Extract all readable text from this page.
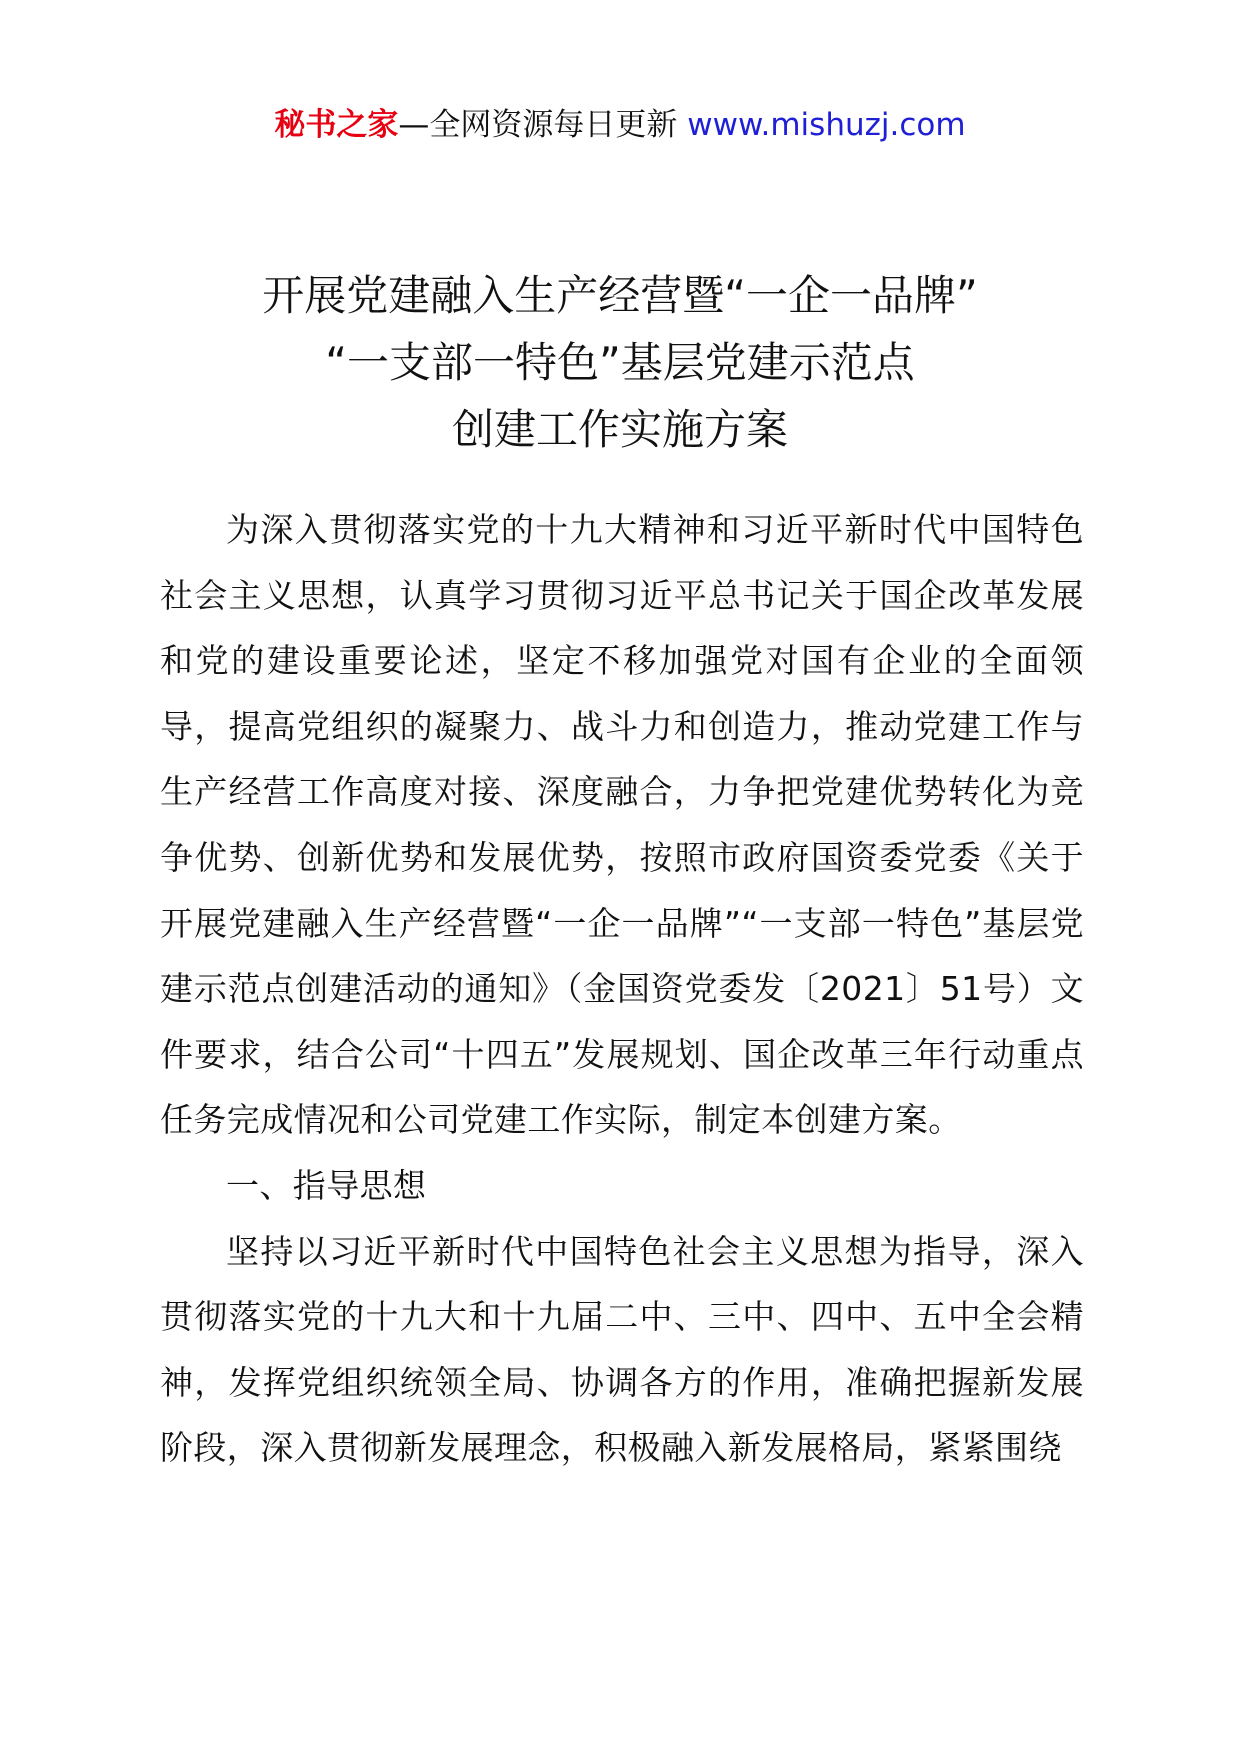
秘书之家—全网资源每日更新 www.mishuzj.com
开展党建融入生产经营暨“一企一品牌”
“一支部一特色”基层党建示范点
创建工作实施方案

为深入贯彻落实党的十九大精神和习近平新时代中国特色社会主义思想，认真学习贯彻习近平总书记关于国企改革发展和党的建设重要论述，坚定不移加强党对国有企业的全面领导，提高党组织的凝聚力、战斗力和创造力，推动党建工作与生产经营工作高度对接、深度融合，力争把党建优势转化为竞争优势、创新优势和发展优势，按照市政府国资委党委《关于开展党建融入生产经营暨“一企一品牌”“一支部一特色”基层党建示范点创建活动的通知》（金国资党委发〔2021〕51号）文件要求，结合公司“十四五”发展规划、国企改革三年行动重点任务完成情况和公司党建工作实际，制定本创建方案。

一、指导思想

坚持以习近平新时代中国特色社会主义思想为指导，深入贯彻落实党的十九大和十九届二中、三中、四中、五中全会精神，发挥党组织统领全局、协调各方的作用，准确把握新发展阶段，深入贯彻新发展理念，积极融入新发展格局，紧紧围绕
